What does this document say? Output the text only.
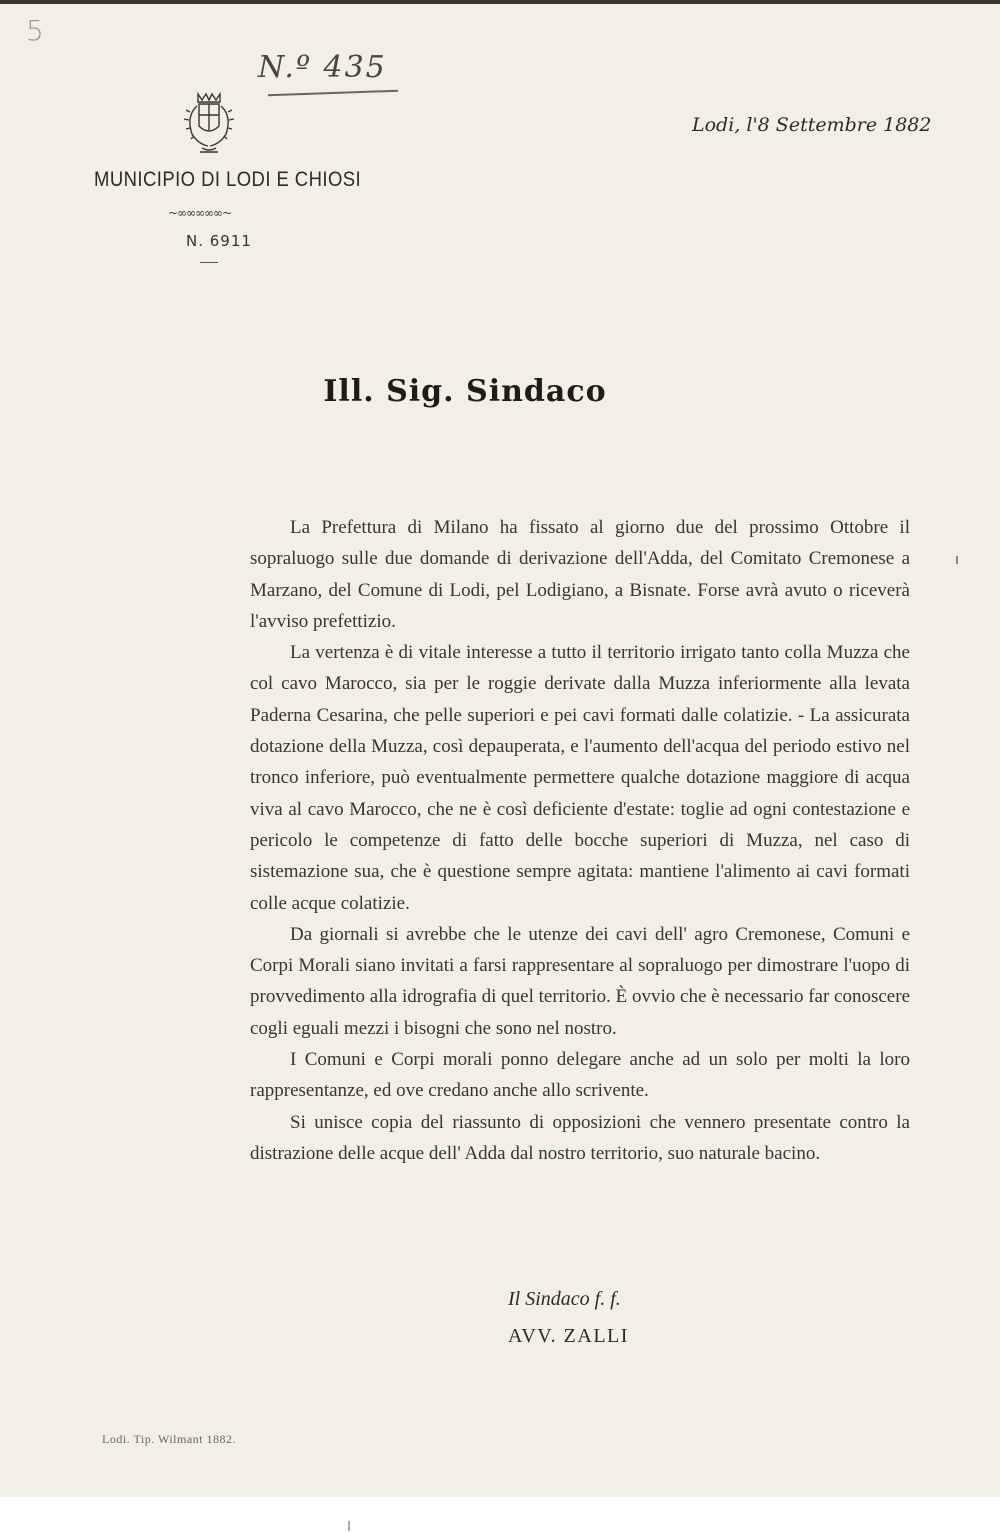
5
N.º 435
MUNICIPIO DI LODI E CHIOSI
~∞∞∞∞∞~
N. 6911
Lodi, l'8 Settembre 1882
Ill. Sig. Sindaco

La Prefettura di Milano ha fissato al giorno due del prossimo Ottobre il sopraluogo sulle due domande di derivazione dell'Adda, del Comitato Cremonese a Marzano, del Comune di Lodi, pel Lodigiano, a Bisnate. Forse avrà avuto o riceverà l'avviso prefettizio.

La vertenza è di vitale interesse a tutto il territorio irrigato tanto colla Muzza che col cavo Marocco, sia per le roggie derivate dalla Muzza inferiormente alla levata Paderna Cesarina, che pelle superiori e pei cavi formati dalle colatizie. - La assicurata dotazione della Muzza, così depauperata, e l'aumento dell'acqua del periodo estivo nel tronco inferiore, può eventualmente permettere qualche dotazione maggiore di acqua viva al cavo Marocco, che ne è così deficiente d'estate: toglie ad ogni contestazione e pericolo le competenze di fatto delle bocche superiori di Muzza, nel caso di sistemazione sua, che è questione sempre agitata: mantiene l'alimento ai cavi formati colle acque colatizie.

Da giornali si avrebbe che le utenze dei cavi dell' agro Cremonese, Comuni e Corpi Morali siano invitati a farsi rappresentare al sopraluogo per dimostrare l'uopo di provvedimento alla idrografia di quel territorio. È ovvio che è necessario far conoscere cogli eguali mezzi i bisogni che sono nel nostro.

I Comuni e Corpi morali ponno delegare anche ad un solo per molti la loro rappresentanze, ed ove credano anche allo scrivente.

Si unisce copia del riassunto di opposizioni che vennero presentate contro la distrazione delle acque dell' Adda dal nostro territorio, suo naturale bacino.

Il Sindaco f. f.
AVV. ZALLI
Lodi. Tip. Wilmant 1882.
